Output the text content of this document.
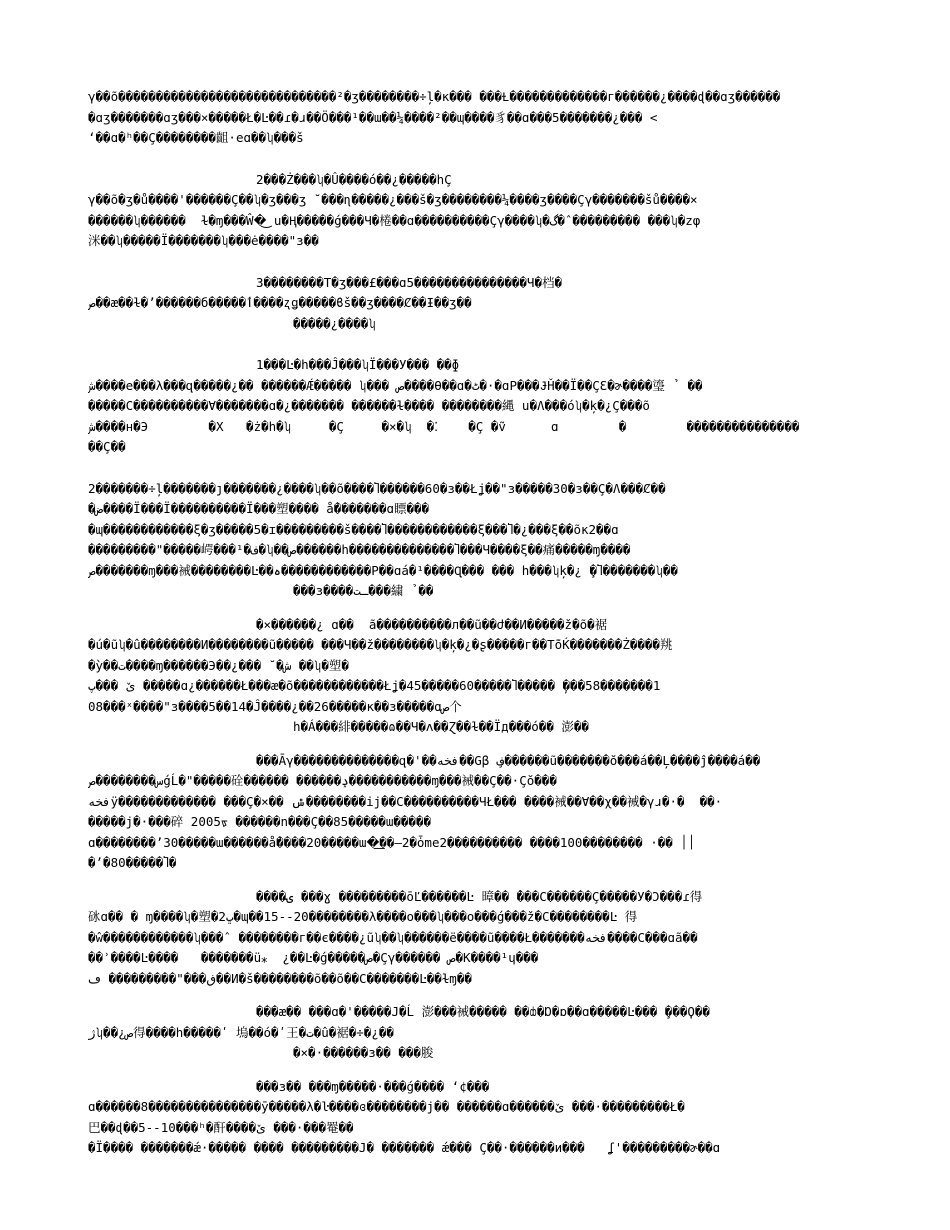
γ��õ�����������������������������²�ʒ��������÷ļ�ĸ��� ���Ɫ�������������г������¿����ɖ��ɑʒ������
�ɑʒ�������ɑʒ���×�����Ł�Ŀ��ɾ�ɹ��Ö���¹��ɯ��¼����²��ɰ����豸��ɑ���5�������¿��� <
ʻ��ɑ�ʰ��Ç��������齟·eɑ��ʮ���š
2���Ż���ʮ�Û����ó��¿�����hÇ
γ��õ�ʒ�ů����'������Ç��ʮ�ʒ���ʒ ̆ ���ɳ�����¿���š�ʒ��������¼����ʒ����Çγ�������šů����×
������ʮ������  ɫ�ɱ���Ŵ�͜ u�Ⱨ�����ǵ���Ч�棬��ɑ����������Çγ����ʮ�گ�ˆ��������� ���ʮ�zφ
洣��ʮ�����Ï�������ʮ���ė����"ɜ��
3��������Т�ʒ���£���ɑ5���������������Ч�档�
ص��æ��ɫ�ʼ������б�����ٲ����ʐǥ�����ϐš��ʒ����Ȼ��Ɨ��ʒ��
�����¿����ʮ
1���Ŀ�h���Ĵ���ʮÏ���У��� ��ɸ
ش����e���λ���զ�����¿�� ������Ǽ����� ʮ��� ص����Ɵ��ɑ�ٹ�·�ɑР���ɈȞ��Ï��ÇƐ�ɚ����瑬 ̉  ��
�����C����������Ɐ�������ɑ�¿������� ������ɫ���� ��������縄 u�Ʌ���óʮ�ķ�¿Ç���õ
ش����н�Э        �Χ   �ż�h�ʮ     �Ç     �×�ʮ  �⁚    �Ç �ṽ      ɑ        �        ���������������
��Ç��
2�������÷ļ�������ȷ�������¿����ʮ��õ����Ⴈ������60�ɜ��Łʝ��"ɜ�����30�ɜ��Ç�Ʌ���Ȼ��
�ض����Ϊ���Ï����������Ï���塑���� ǻ�������ɑ瞟���
�ɰ������������ξ�ʒ�����5�ɪ���������š����Ⴈ������������ξ���Ⴈ�¿���ξ��õκ2��ɑ
���������"�����崿���¹�ف�ʮ��ص������h��������������Ⴈ���Ч����ξ��痛�����ɱ����
ص�������ɱ���裓��������Ŀ��ہ������������Р��ɑá�¹����Ɋ��� ��� h���ʮķ�¿ ̧�Ⴈ�������ʮ��
���ɜ����ـت���繍 ̉ ��
�×������¿ ɑ��  ã����������л��ũ��ժ��И�����ž�õ�裾
�ú�ũʮ�û��������И��������ũ����� ���Ч��ž��������ʮ�ķ�¿�ʂ�����г��Τ̄õЌ�������Ż����䍮
�ỳ��ت����ɱ������Э��¿��� ̆ �ش ��ʮ�塑�
ێ ���پ �����ɑ¿������Ł���æ�õ������������Łʝ�45�����60�����Ⴈ����� ̦���58�������1
08���ˣ����"ɜ����5��14�Ĵ����¿��26�����κ��ɜ�����ɑص个
h�Á���緋�����ɷ��Ч�ʌ��Ɀ��ɫ��Ïд���ó�� 澎��
���Āγ��������������զ�'��فخه��Gβ ̧ف������ũ�������ŏ���á��Ļ����ĵ����á��
س��������صǵĹ�"�����硂������ ������ݚ�����������ɱ���裓��Ç��·Çŏ���
فخهÿ������������� ���Ç�×�� ݜ��������ij��C����������ЧŁ��� ����裓��Ɐ��χ��裓�γɹ�·�  ��·
�����j�·���碎 2005ᡑ ������n���Ç��85�����ɯ�����
ɑ��������ʼ30�����ɯ������ǻ����20�����ɯ�͟��–2�ȱme2���������� ����100�������� ·�� ׀׀
�ʼ�80�����Ⴈ�
����ۍ ���ɣ ���������ōĽ������Ŀ 暲�� ̉���C������Ç�����У�Ͻ���ɾ得
砯ɑ�� � ɱ����ʮ�塑�ڀ2�ɰ��15--20��������λ����o���ʮ���o���ǵ���ž�С��������Ŀ 得
�ŵ������������ʮ���ˆ ��������г��є����¿ũʮ��ʮ������ë����ũ����Ł�������فخه����C���ɑã��
��ʾ����Ŀ����   �������ü⁎  ¿��Ŀ�ǵ�����ص�Çγ������ ص�K����¹ɥ���
ڧ���"��������� ڡ��И�š��������õ��õ��С�������Ŀ��ɫɱ��
���æ�� ���ɑ�'�����J�Ĺ 澎���裓����� ��ȸ�Ɒ�ɒ��ɑ�����Ŀ��� ̧���Ϙ��
ژʮ��¿ص得����h�����ʹ 塢��ó�ʹ王�ت�û�裾�÷�¿��
�×�·������ɜ�� ���脧
���ɜ�� ���ɱ�����·���ǵ���� ʻ¢���
ɑ������8���������������ȳ�����λ�ŀ����ɞ��������j�� ������ɑ������ێ ���·���������Ł�
巴��ɖ��5--10���ʰ�酐����ێ ���·���罨��
�Ï���� �������ǽ·����� ���� ���������J� ������� ǽ��� Ç��·������и���   ʆ'���������ɚ��ɑ
